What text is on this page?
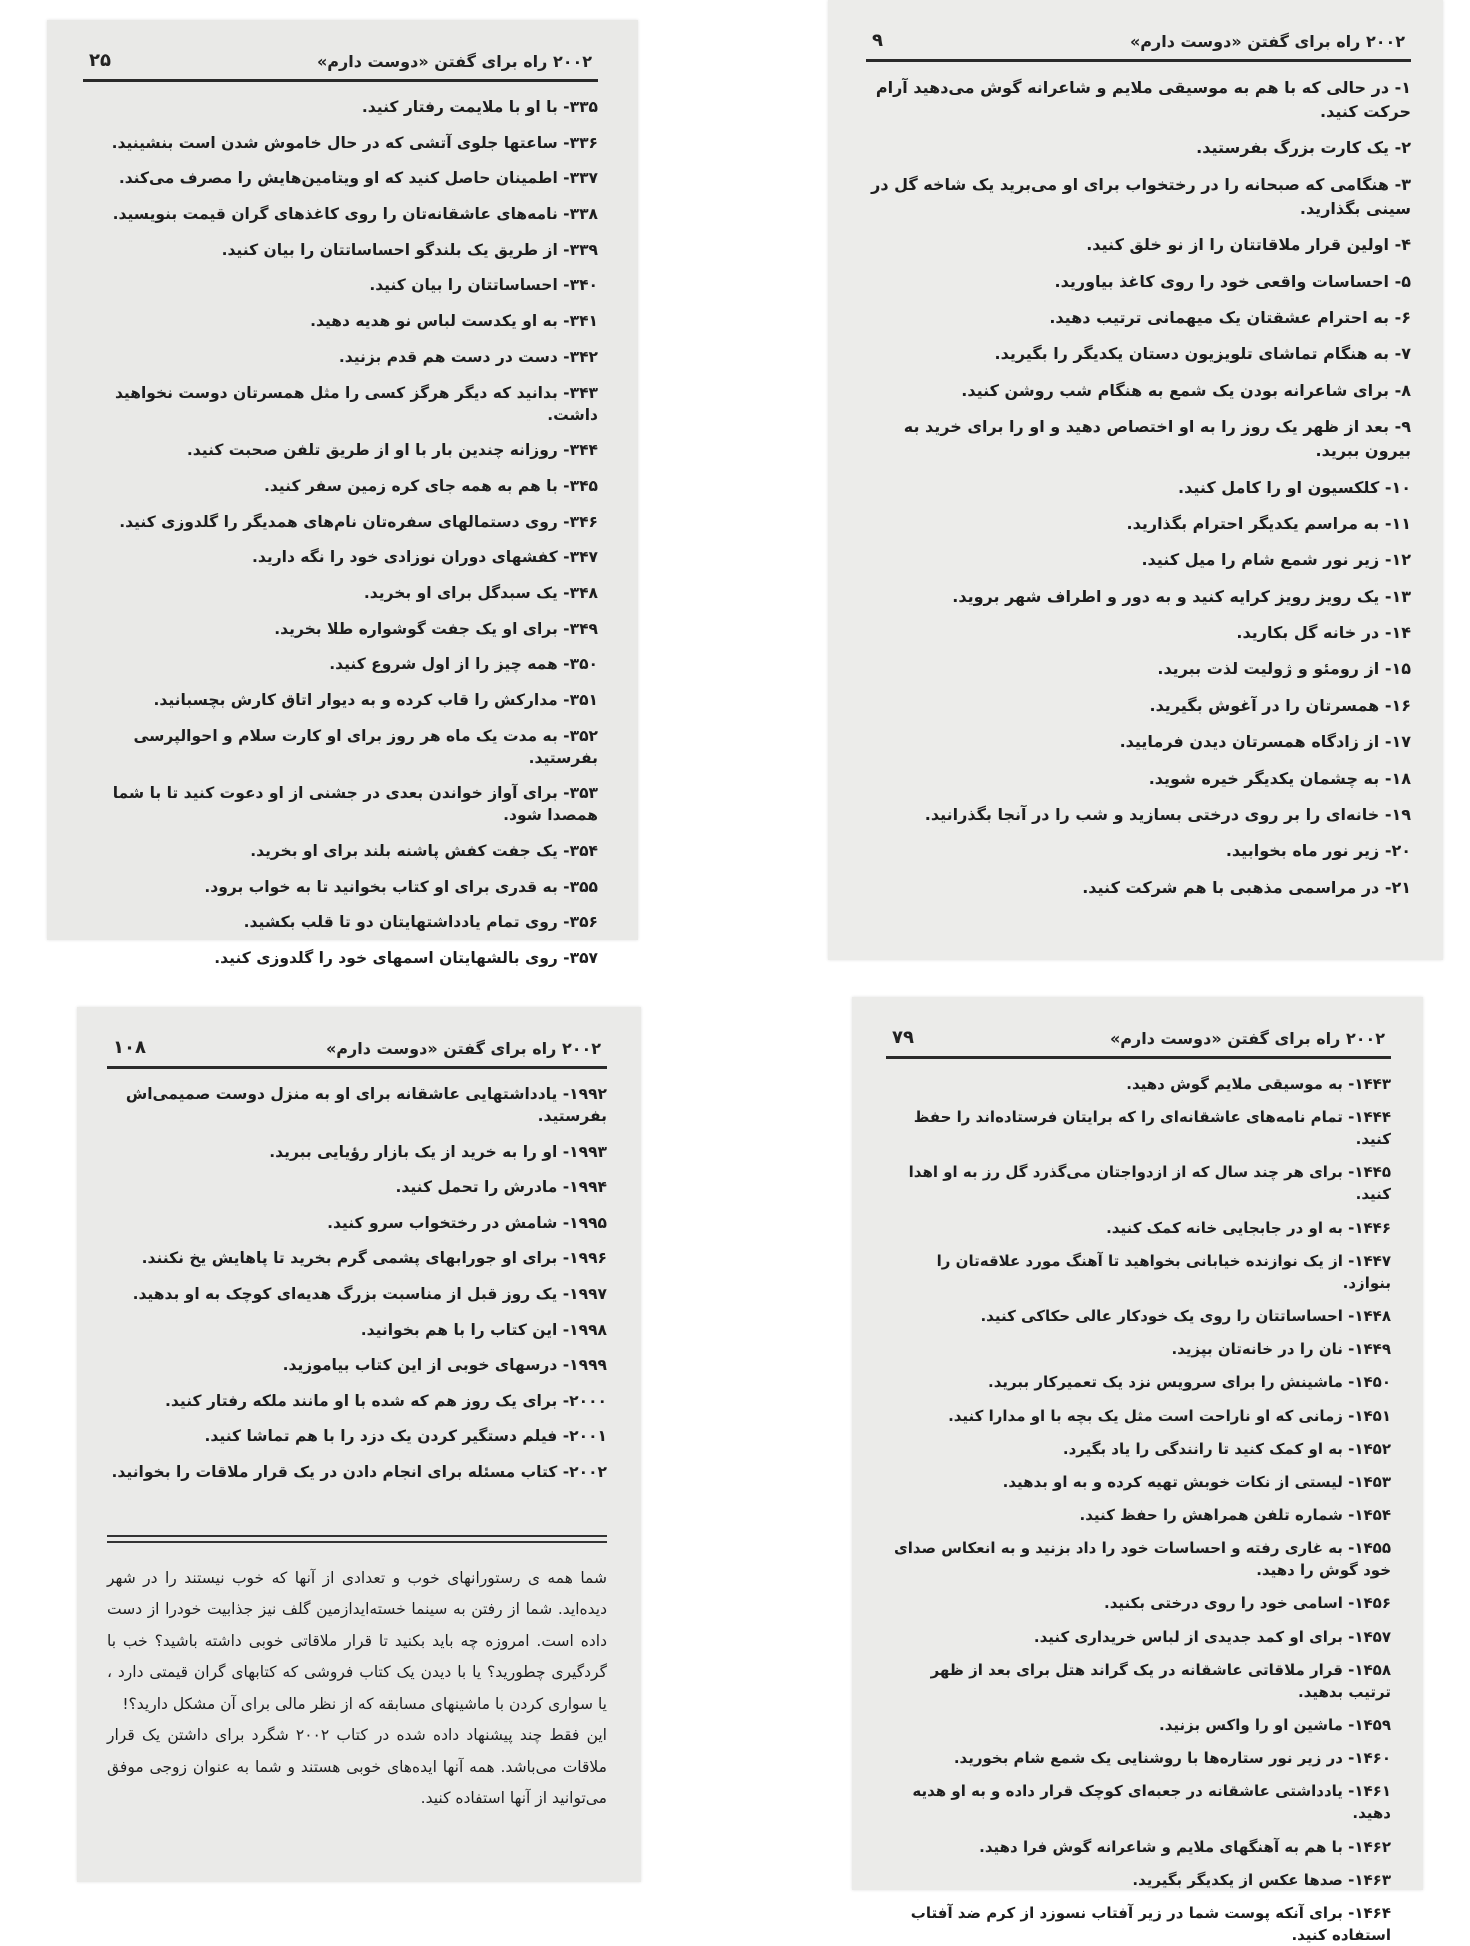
۲۰۰۲ راه برای گفتن «دوست دارم»
۲۵
۳۳۵- با او با ملایمت رفتار کنید.
۳۳۶- ساعتها جلوی آتشی که در حال خاموش شدن است بنشینید.
۳۳۷- اطمینان حاصل کنید که او ویتامین‌هایش را مصرف می‌کند.
۳۳۸- نامه‌های عاشقانه‌تان را روی کاغذهای گران قیمت بنویسید.
۳۳۹- از طریق یک بلندگو احساساتتان را بیان کنید.
۳۴۰- احساساتتان را بیان کنید.
۳۴۱- به او یکدست لباس نو هدیه دهید.
۳۴۲- دست در دست هم قدم بزنید.
۳۴۳- بدانید که دیگر هرگز کسی را مثل همسرتان دوست نخواهید داشت.
۳۴۴- روزانه چندین بار با او از طریق تلفن صحبت کنید.
۳۴۵- با هم به همه جای کره زمین سفر کنید.
۳۴۶- روی دستمالهای سفره‌تان نام‌های همدیگر را گلدوزی کنید.
۳۴۷- کفشهای دوران نوزادی خود را نگه دارید.
۳۴۸- یک سبدگل برای او بخرید.
۳۴۹- برای او یک جفت گوشواره طلا بخرید.
۳۵۰- همه چیز را از اول شروع کنید.
۳۵۱- مدارکش را قاب کرده و به دیوار اتاق کارش بچسبانید.
۳۵۲- به مدت یک ماه هر روز برای او کارت سلام و احوالپرسی بفرستید.
۳۵۳- برای آواز خواندن بعدی در جشنی از او دعوت کنید تا با شما همصدا شود.
۳۵۴- یک جفت کفش پاشنه بلند برای او بخرید.
۳۵۵- به قدری برای او کتاب بخوانید تا به خواب برود.
۳۵۶- روی تمام یادداشتهایتان دو تا قلب بکشید.
۳۵۷- روی بالشهایتان اسمهای خود را گلدوزی کنید.
۲۰۰۲ راه برای گفتن «دوست دارم»
۹
۱- در حالی که با هم به موسیقی ملایم و شاعرانه گوش می‌دهید آرام حرکت کنید.
۲- یک کارت بزرگ بفرستید.
۳- هنگامی که صبحانه را در رختخواب برای او می‌برید یک شاخه گل در سینی بگذارید.
۴- اولین قرار ملاقاتتان را از نو خلق کنید.
۵- احساسات واقعی خود را روی کاغذ بیاورید.
۶- به احترام عشقتان یک میهمانی ترتیب دهید.
۷- به هنگام تماشای تلویزیون دستان یکدیگر را بگیرید.
۸- برای شاعرانه بودن یک شمع به هنگام شب روشن کنید.
۹- بعد از ظهر یک روز را به او اختصاص دهید و او را برای خرید به بیرون ببرید.
۱۰- کلکسیون او را کامل کنید.
۱۱- به مراسم یکدیگر احترام بگذارید.
۱۲- زیر نور شمع شام را میل کنید.
۱۳- یک رویز رویز کرایه کنید و به دور و اطراف شهر بروید.
۱۴- در خانه گل بکارید.
۱۵- از رومئو و ژولیت لذت ببرید.
۱۶- همسرتان را در آغوش بگیرید.
۱۷- از زادگاه همسرتان دیدن فرمایید.
۱۸- به چشمان یکدیگر خیره شوید.
۱۹- خانه‌ای را بر روی درختی بسازید و شب را در آنجا بگذرانید.
۲۰- زیر نور ماه بخوابید.
۲۱- در مراسمی مذهبی با هم شرکت کنید.
۲۰۰۲ راه برای گفتن «دوست دارم»
۱۰۸
۱۹۹۲- یادداشتهایی عاشقانه برای او به منزل دوست صمیمی‌اش بفرستید.
۱۹۹۳- او را به خرید از یک بازار رؤیایی ببرید.
۱۹۹۴- مادرش را تحمل کنید.
۱۹۹۵- شامش در رختخواب سرو کنید.
۱۹۹۶- برای او جورابهای پشمی گرم بخرید تا پاهایش یخ نکنند.
۱۹۹۷- یک روز قبل از مناسبت بزرگ هدیه‌ای کوچک به او بدهید.
۱۹۹۸- این کتاب را با هم بخوانید.
۱۹۹۹- درسهای خوبی از این کتاب بیاموزید.
۲۰۰۰- برای یک روز هم که شده با او مانند ملکه رفتار کنید.
۲۰۰۱- فیلم دستگیر کردن یک دزد را با هم تماشا کنید.
۲۰۰۲- کتاب مسئله برای انجام دادن در یک قرار ملاقات را بخوانید.
شما همه ی رستورانهای خوب و تعدادی از آنها که خوب نیستند را در شهر دیده‌اید. شما از رفتن به سینما خسته‌ایدازمین گلف نیز جذابیت خودرا از دست داده است. امروزه چه باید بکنید تا قرار ملاقاتی خوبی داشته باشید؟ خب با گردگیری چطورید؟ یا با دیدن یک کتاب فروشی که کتابهای گران قیمتی دارد ، یا سواری کردن با ماشینهای مسابقه که از نظر مالی برای آن مشکل دارید؟!
این فقط چند پیشنهاد داده شده در کتاب ۲۰۰۲ شگرد برای داشتن یک قرار ملاقات می‌باشد. همه آنها ایده‌های خوبی هستند و شما به عنوان زوجی موفق می‌توانید از آنها استفاده کنید.
۲۰۰۲ راه برای گفتن «دوست دارم»
۷۹
۱۴۴۳- به موسیقی ملایم گوش دهید.
۱۴۴۴- تمام نامه‌های عاشقانه‌ای را که برایتان فرستاده‌اند را حفظ کنید.
۱۴۴۵- برای هر چند سال که از ازدواجتان می‌گذرد گل رز به او اهدا کنید.
۱۴۴۶- به او در جابجایی خانه کمک کنید.
۱۴۴۷- از یک نوازنده خیابانی بخواهید تا آهنگ مورد علاقه‌تان را بنوازد.
۱۴۴۸- احساساتتان را روی یک خودکار عالی حکاکی کنید.
۱۴۴۹- نان را در خانه‌تان بپزید.
۱۴۵۰- ماشینش را برای سرویس نزد یک تعمیرکار ببرید.
۱۴۵۱- زمانی که او ناراحت است مثل یک بچه با او مدارا کنید.
۱۴۵۲- به او کمک کنید تا رانندگی را یاد بگیرد.
۱۴۵۳- لیستی از نکات خوبش تهیه کرده و به او بدهید.
۱۴۵۴- شماره تلفن همراهش را حفظ کنید.
۱۴۵۵- به غاری رفته و احساسات خود را داد بزنید و به انعکاس صدای خود گوش را دهید.
۱۴۵۶- اسامی خود را روی درختی بکنید.
۱۴۵۷- برای او کمد جدیدی از لباس خریداری کنید.
۱۴۵۸- قرار ملاقاتی عاشقانه در یک گراند هتل برای بعد از ظهر ترتیب بدهید.
۱۴۵۹- ماشین او را واکس بزنید.
۱۴۶۰- در زیر نور ستاره‌ها با روشنایی یک شمع شام بخورید.
۱۴۶۱- یادداشتی عاشقانه در جعبه‌ای کوچک قرار داده و به او هدیه دهید.
۱۴۶۲- با هم به آهنگهای ملایم و شاعرانه گوش فرا دهید.
۱۴۶۳- صدها عکس از یکدیگر بگیرید.
۱۴۶۴- برای آنکه پوست شما در زیر آفتاب نسوزد از کرم ضد آفتاب استفاده کنید.
